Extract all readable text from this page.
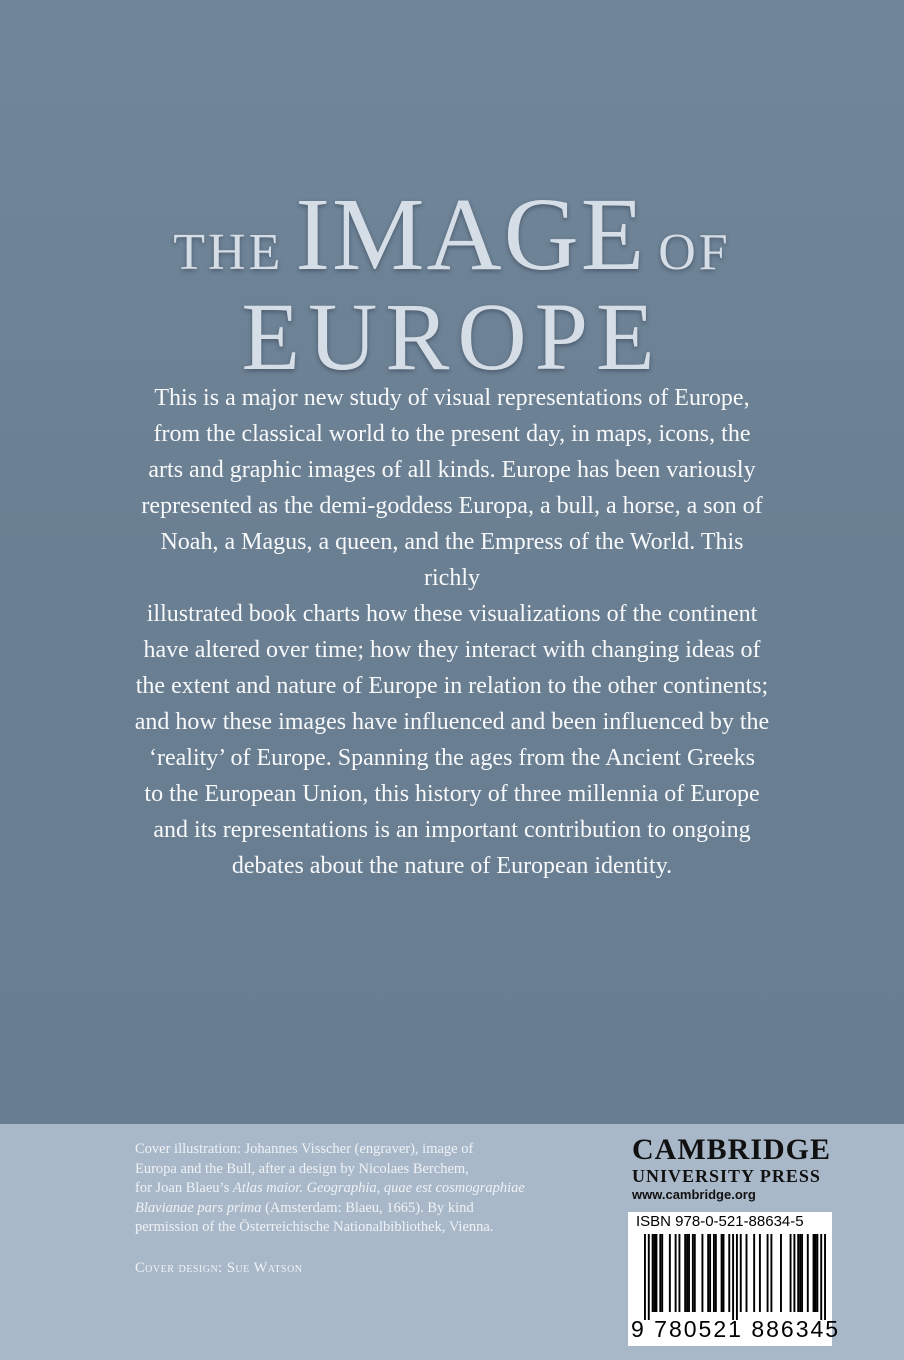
THE IMAGE OF
EUROPE
This is a major new study of visual representations of Europe,
from the classical world to the present day, in maps, icons, the
arts and graphic images of all kinds. Europe has been variously
represented as the demi-goddess Europa, a bull, a horse, a son of
Noah, a Magus, a queen, and the Empress of the World. This richly
illustrated book charts how these visualizations of the continent
have altered over time; how they interact with changing ideas of
the extent and nature of Europe in relation to the other continents;
and how these images have influenced and been influenced by the
‘reality’ of Europe. Spanning the ages from the Ancient Greeks
to the European Union, this history of three millennia of Europe
and its representations is an important contribution to ongoing
debates about the nature of European identity.
Cover illustration: Johannes Visscher (engraver), image of
Europa and the Bull, after a design by Nicolaes Berchem,
for Joan Blaeu’s Atlas maior. Geographia, quae est cosmographiae
Blavianae pars prima (Amsterdam: Blaeu, 1665). By kind
permission of the Österreichische Nationalbibliothek, Vienna.
Cover design: Sue Watson
CAMBRIDGE
UNIVERSITY PRESS
www.cambridge.org
ISBN 978-0-521-88634-5
9 780521 886345
